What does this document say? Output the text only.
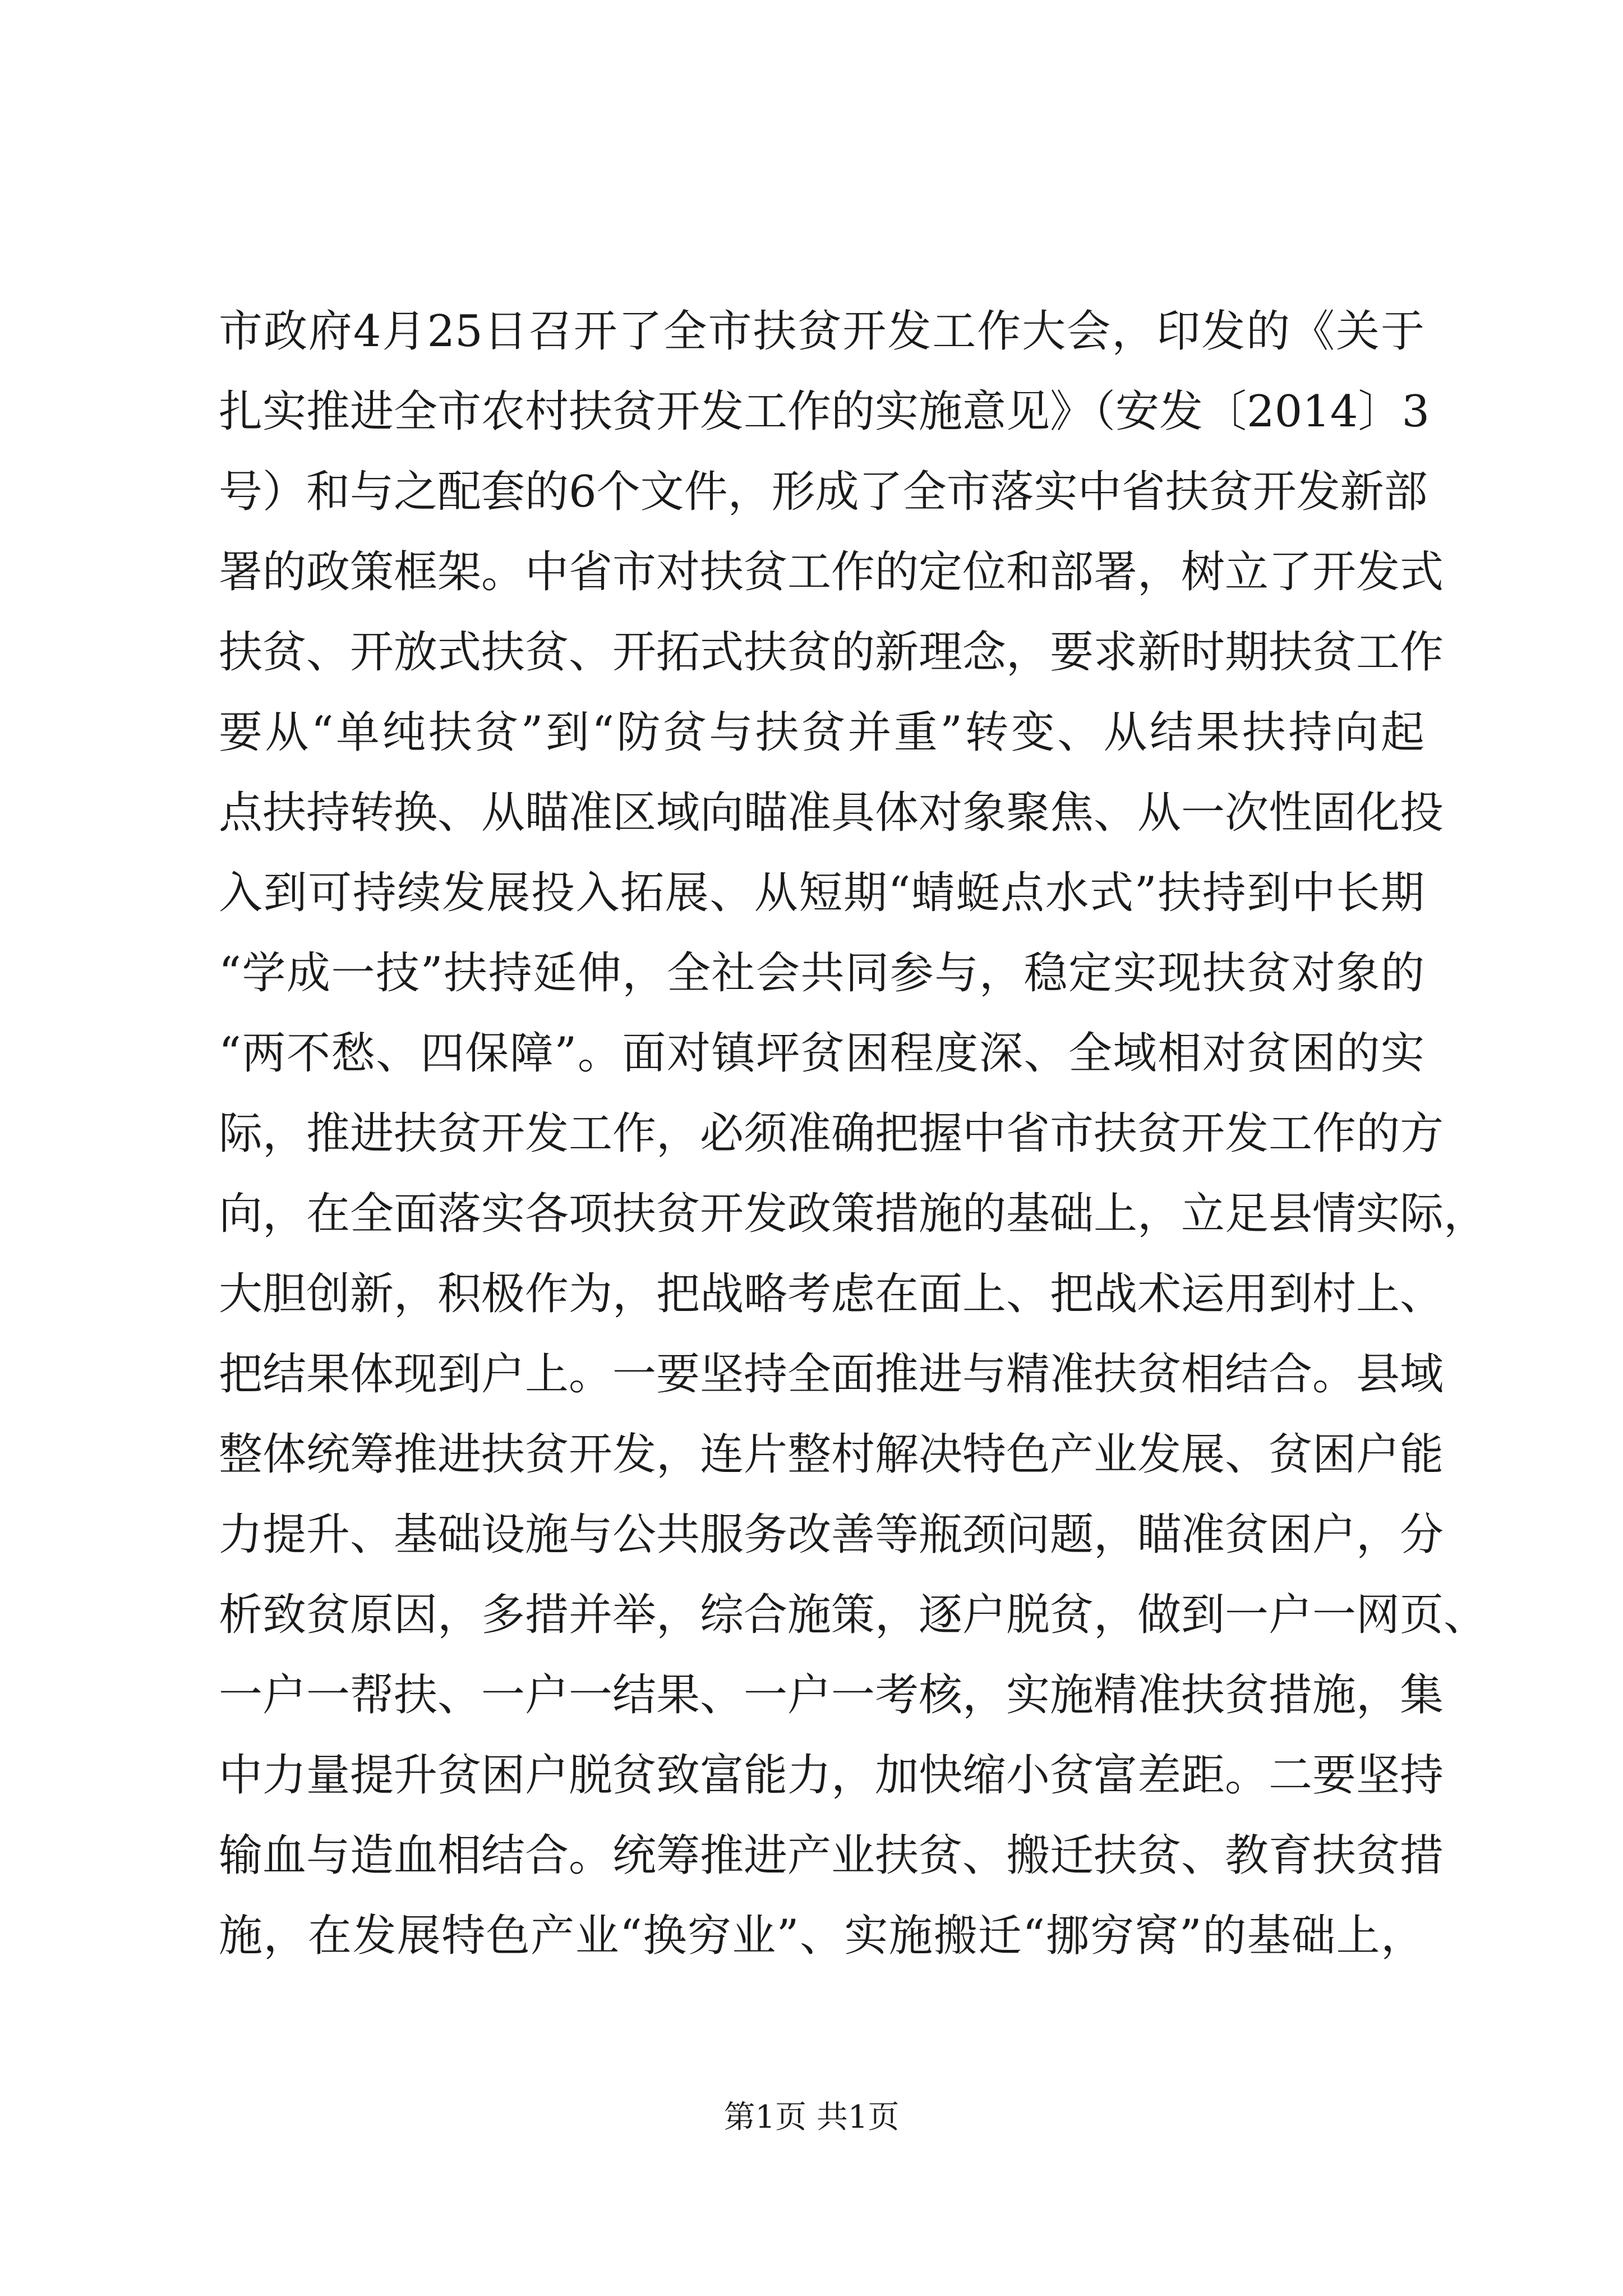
市政府4月25日召开了全市扶贫开发工作大会，印发的《关于
扎实推进全市农村扶贫开发工作的实施意见》（安发〔2014〕3
号）和与之配套的6个文件，形成了全市落实中省扶贫开发新部
署的政策框架。中省市对扶贫工作的定位和部署，树立了开发式
扶贫、开放式扶贫、开拓式扶贫的新理念，要求新时期扶贫工作
要从“单纯扶贫”到“防贫与扶贫并重”转变、从结果扶持向起
点扶持转换、从瞄准区域向瞄准具体对象聚焦、从一次性固化投
入到可持续发展投入拓展、从短期“蜻蜓点水式”扶持到中长期
“学成一技”扶持延伸，全社会共同参与，稳定实现扶贫对象的
“两不愁、四保障”。面对镇坪贫困程度深、全域相对贫困的实
际，推进扶贫开发工作，必须准确把握中省市扶贫开发工作的方
向，在全面落实各项扶贫开发政策措施的基础上，立足县情实际，
大胆创新，积极作为，把战略考虑在面上、把战术运用到村上、
把结果体现到户上。一要坚持全面推进与精准扶贫相结合。县域
整体统筹推进扶贫开发，连片整村解决特色产业发展、贫困户能
力提升、基础设施与公共服务改善等瓶颈问题，瞄准贫困户，分
析致贫原因，多措并举，综合施策，逐户脱贫，做到一户一网页、
一户一帮扶、一户一结果、一户一考核，实施精准扶贫措施，集
中力量提升贫困户脱贫致富能力，加快缩小贫富差距。二要坚持
输血与造血相结合。统筹推进产业扶贫、搬迁扶贫、教育扶贫措
施，在发展特色产业“换穷业”、实施搬迁“挪穷窝”的基础上，
第1页 共1页
